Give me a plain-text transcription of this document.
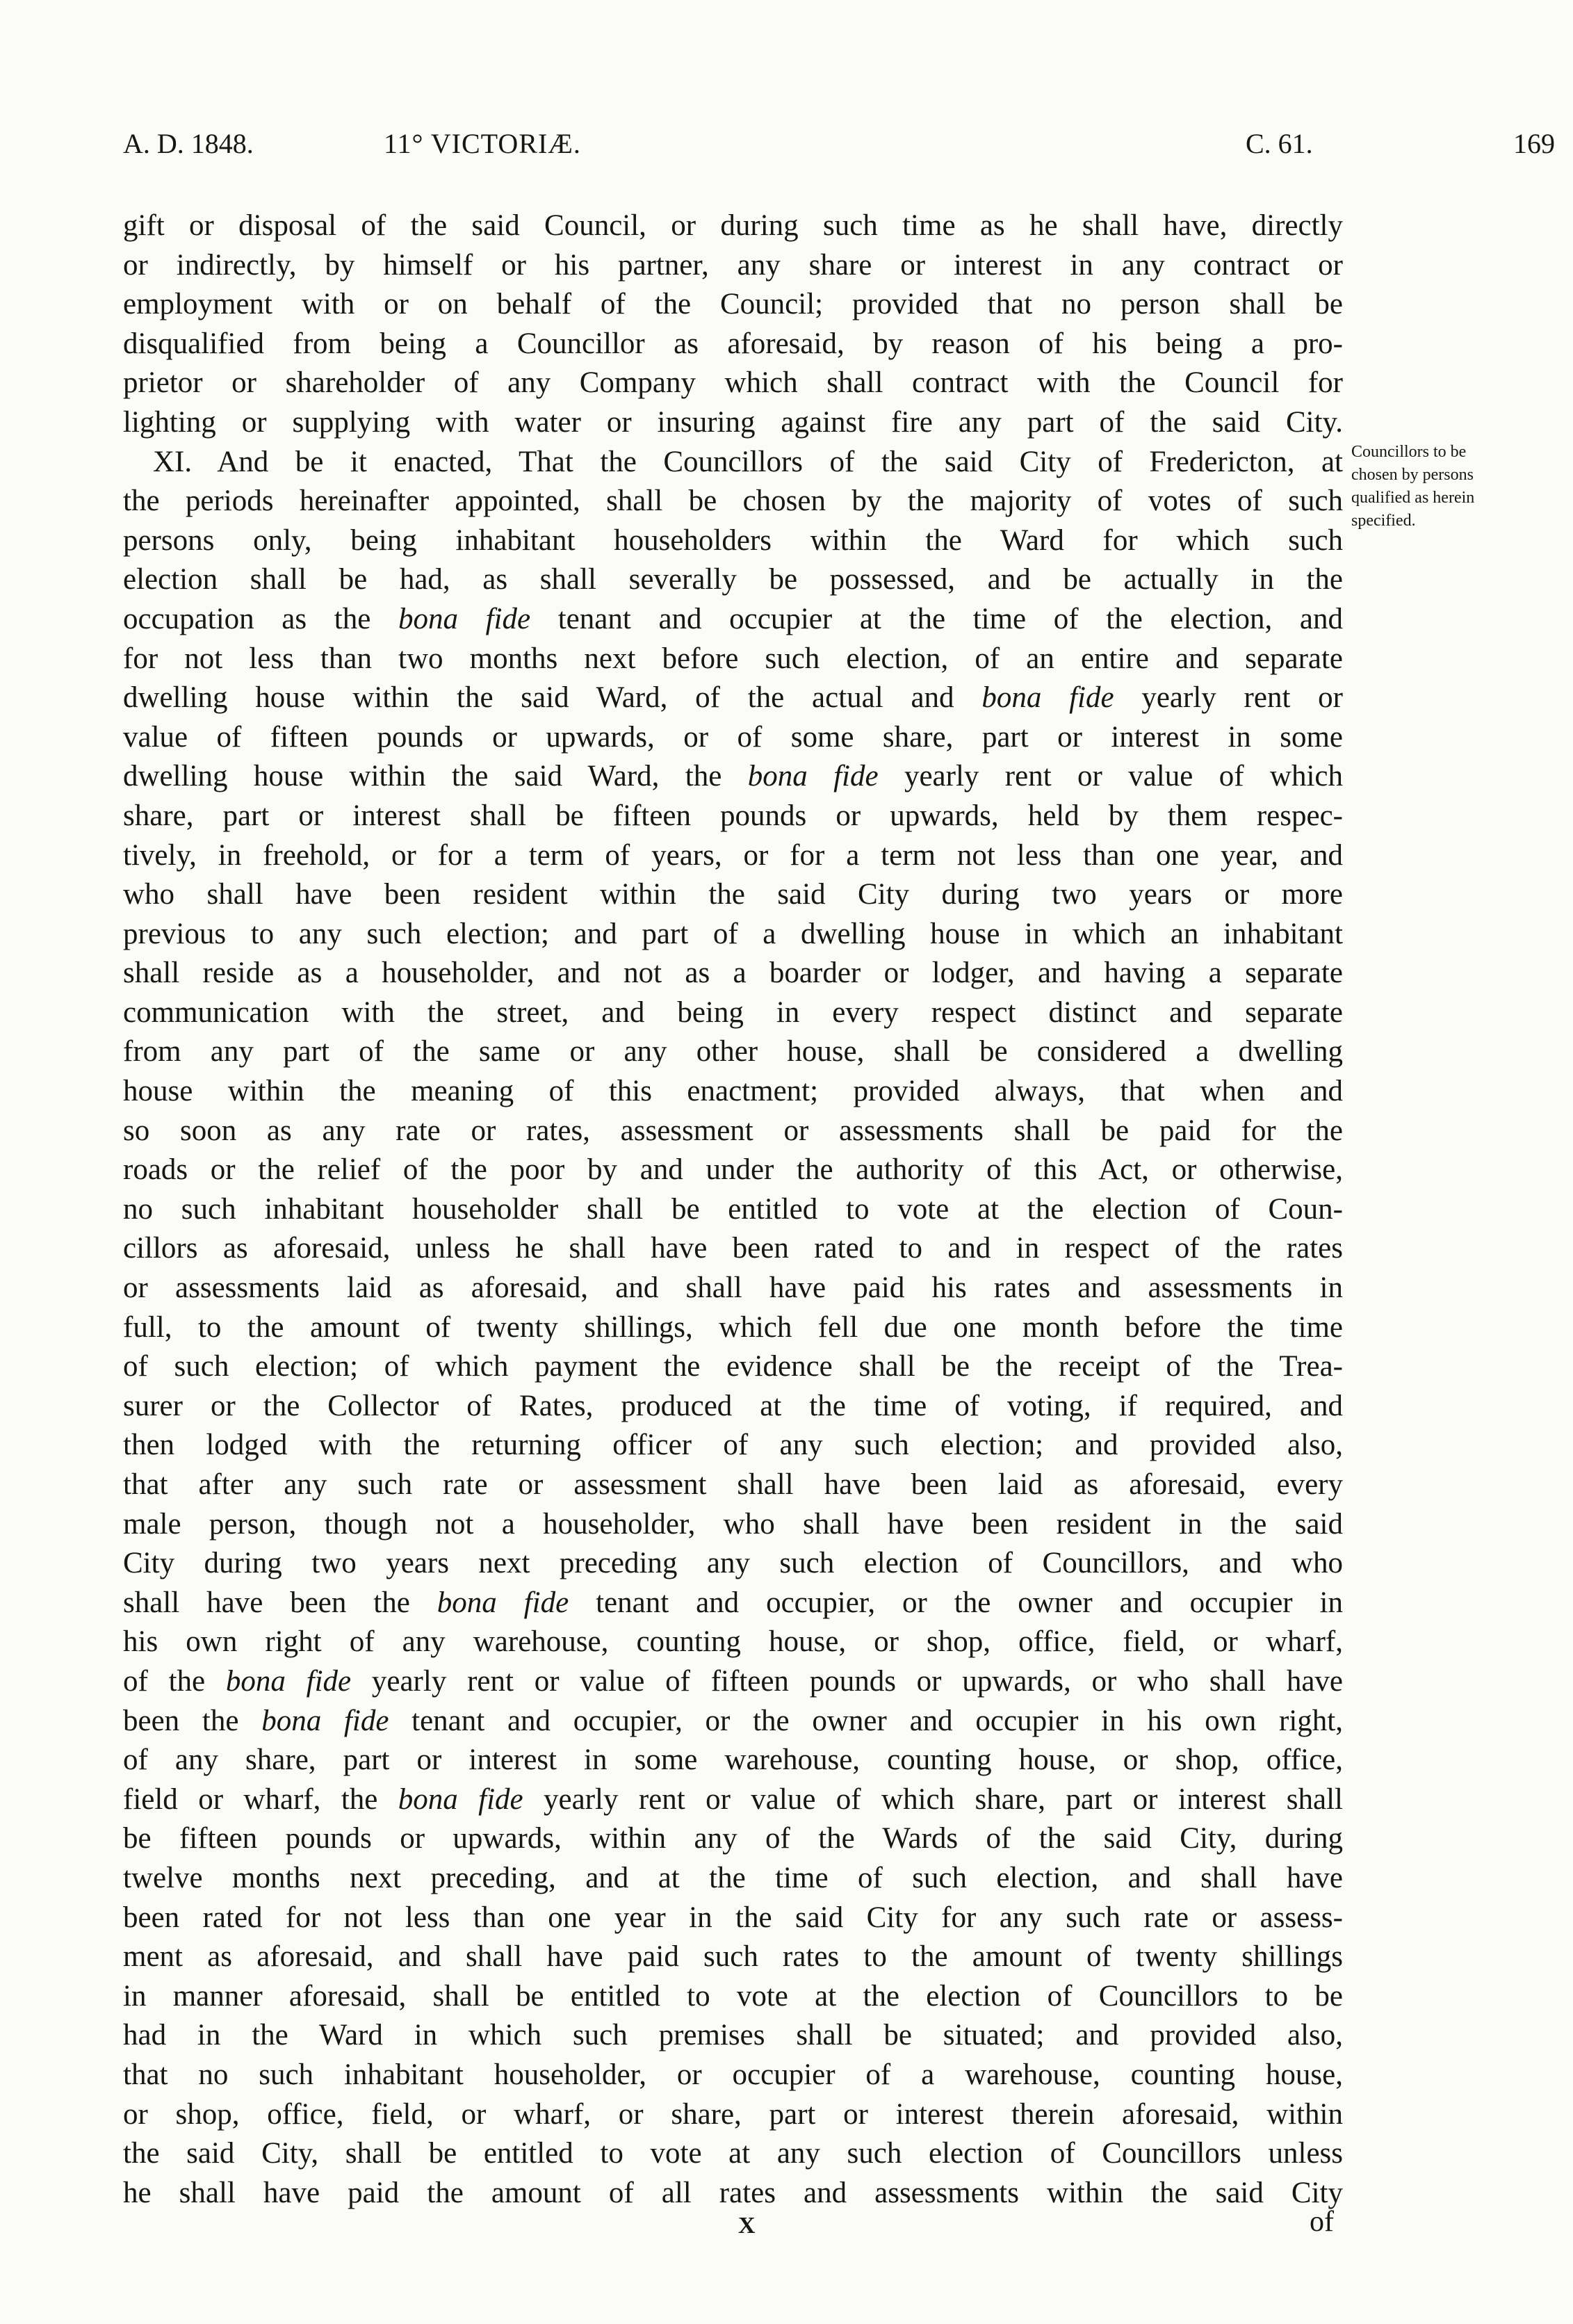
A. D. 1848.	11° VICTORIÆ.	C. 61.	169
gift or disposal of the said Council, or during such time as he shall have, directly
or indirectly, by himself or his partner, any share or interest in any contract or
employment with or on behalf of the Council; provided that no person shall be
disqualified from being a Councillor as aforesaid, by reason of his being a pro-
prietor or shareholder of any Company which shall contract with the Council for
lighting or supplying with water or insuring against fire any part of the said City.
XI. And be it enacted, That the Councillors of the said City of Fredericton, at
the periods hereinafter appointed, shall be chosen by the majority of votes of such
persons only, being inhabitant householders within the Ward for which such
election shall be had, as shall severally be possessed, and be actually in the
occupation as the bona fide tenant and occupier at the time of the election, and
for not less than two months next before such election, of an entire and separate
dwelling house within the said Ward, of the actual and bona fide yearly rent or
value of fifteen pounds or upwards, or of some share, part or interest in some
dwelling house within the said Ward, the bona fide yearly rent or value of which
share, part or interest shall be fifteen pounds or upwards, held by them respec-
tively, in freehold, or for a term of years, or for a term not less than one year, and
who shall have been resident within the said City during two years or more
previous to any such election; and part of a dwelling house in which an inhabitant
shall reside as a householder, and not as a boarder or lodger, and having a separate
communication with the street, and being in every respect distinct and separate
from any part of the same or any other house, shall be considered a dwelling
house within the meaning of this enactment; provided always, that when and
so soon as any rate or rates, assessment or assessments shall be paid for the
roads or the relief of the poor by and under the authority of this Act, or otherwise,
no such inhabitant householder shall be entitled to vote at the election of Coun-
cillors as aforesaid, unless he shall have been rated to and in respect of the rates
or assessments laid as aforesaid, and shall have paid his rates and assessments in
full, to the amount of twenty shillings, which fell due one month before the time
of such election; of which payment the evidence shall be the receipt of the Trea-
surer or the Collector of Rates, produced at the time of voting, if required, and
then lodged with the returning officer of any such election; and provided also,
that after any such rate or assessment shall have been laid as aforesaid, every
male person, though not a householder, who shall have been resident in the said
City during two years next preceding any such election of Councillors, and who
shall have been the bona fide tenant and occupier, or the owner and occupier in
his own right of any warehouse, counting house, or shop, office, field, or wharf,
of the bona fide yearly rent or value of fifteen pounds or upwards, or who shall have
been the bona fide tenant and occupier, or the owner and occupier in his own right,
of any share, part or interest in some warehouse, counting house, or shop, office,
field or wharf, the bona fide yearly rent or value of which share, part or interest shall
be fifteen pounds or upwards, within any of the Wards of the said City, during
twelve months next preceding, and at the time of such election, and shall have
been rated for not less than one year in the said City for any such rate or assess-
ment as aforesaid, and shall have paid such rates to the amount of twenty shillings
in manner aforesaid, shall be entitled to vote at the election of Councillors to be
had in the Ward in which such premises shall be situated; and provided also,
that no such inhabitant householder, or occupier of a warehouse, counting house,
or shop, office, field, or wharf, or share, part or interest therein aforesaid, within
the said City, shall be entitled to vote at any such election of Councillors unless
he shall have paid the amount of all rates and assessments within the said City
Councillors to be
chosen by persons
qualified as herein
specified.
X	of
